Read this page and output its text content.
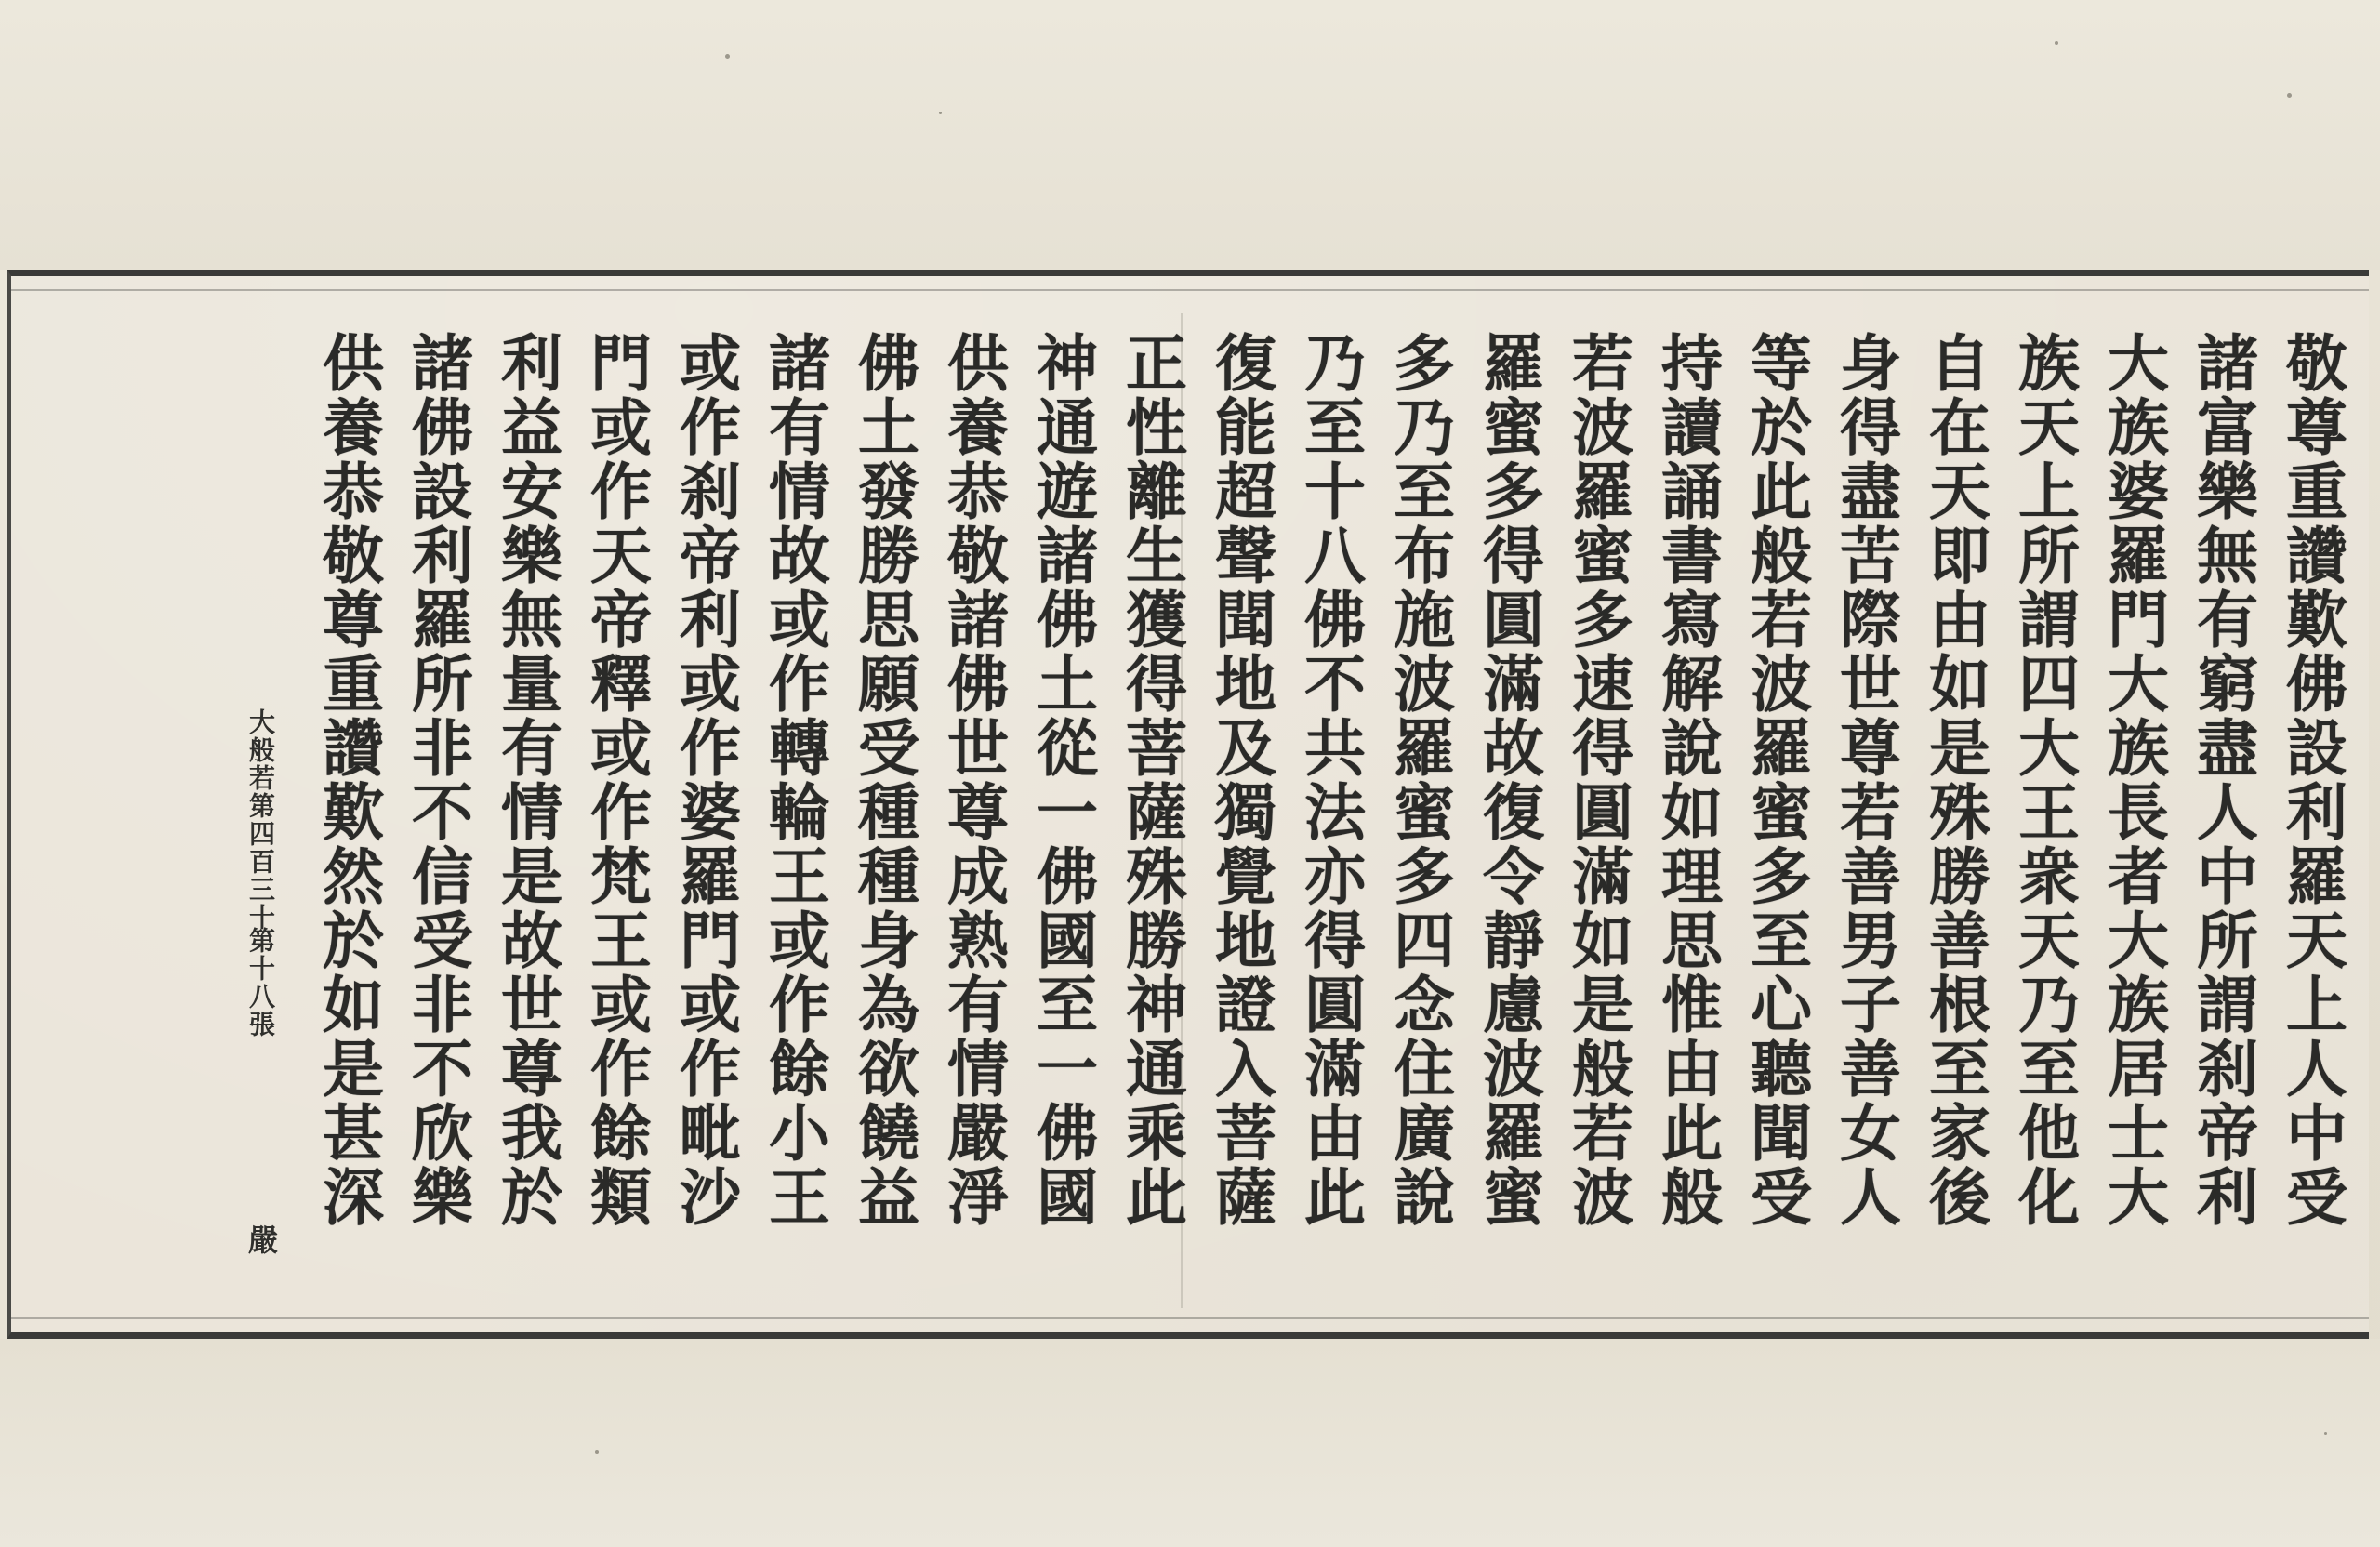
敬
尊
重
讚
歎
佛
設
利
羅
天
上
人
中
受
諸
富
樂
無
有
窮
盡
人
中
所
謂
刹
帝
利
大
族
婆
羅
門
大
族
長
者
大
族
居
士
大
族
天
上
所
謂
四
大
王
衆
天
乃
至
他
化
自
在
天
即
由
如
是
殊
勝
善
根
至
家
後
身
得
盡
苦
際
世
尊
若
善
男
子
善
女
人
等
於
此
般
若
波
羅
蜜
多
至
心
聽
聞
受
持
讀
誦
書
寫
解
說
如
理
思
惟
由
此
般
若
波
羅
蜜
多
速
得
圓
滿
如
是
般
若
波
羅
蜜
多
得
圓
滿
故
復
令
靜
慮
波
羅
蜜
多
乃
至
布
施
波
羅
蜜
多
四
念
住
廣
說
乃
至
十
八
佛
不
共
法
亦
得
圓
滿
由
此
復
能
超
聲
聞
地
及
獨
覺
地
證
入
菩
薩
正
性
離
生
獲
得
菩
薩
殊
勝
神
通
乘
此
神
通
遊
諸
佛
土
從
一
佛
國
至
一
佛
國
供
養
恭
敬
諸
佛
世
尊
成
熟
有
情
嚴
淨
佛
土
發
勝
思
願
受
種
種
身
為
欲
饒
益
諸
有
情
故
或
作
轉
輪
王
或
作
餘
小
王
或
作
刹
帝
利
或
作
婆
羅
門
或
作
毗
沙
門
或
作
天
帝
釋
或
作
梵
王
或
作
餘
類
利
益
安
樂
無
量
有
情
是
故
世
尊
我
於
諸
佛
設
利
羅
所
非
不
信
受
非
不
欣
樂
供
養
恭
敬
尊
重
讚
歎
然
於
如
是
甚
深
大般若第四百三十
第十八張
嚴
